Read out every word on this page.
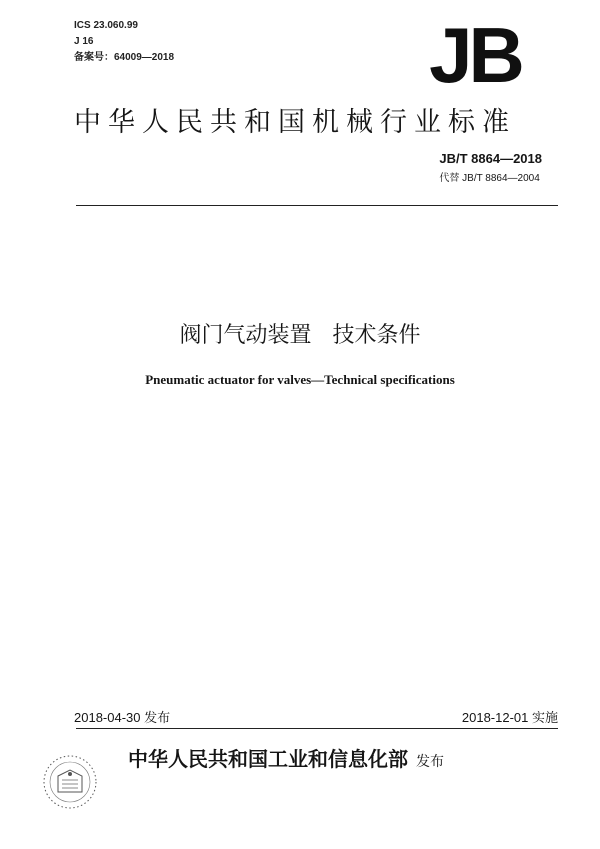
ICS 23.060.99
J 16
备案号：64009—2018	JB
中华人民共和国机械行业标准
JB/T 8864—2018
代替 JB/T 8864—2004
阀门气动装置   技术条件
Pneumatic actuator for valves—Technical specifications
2018-04-30 发布	2018-12-01 实施
中华人民共和国工业和信息化部 发布
